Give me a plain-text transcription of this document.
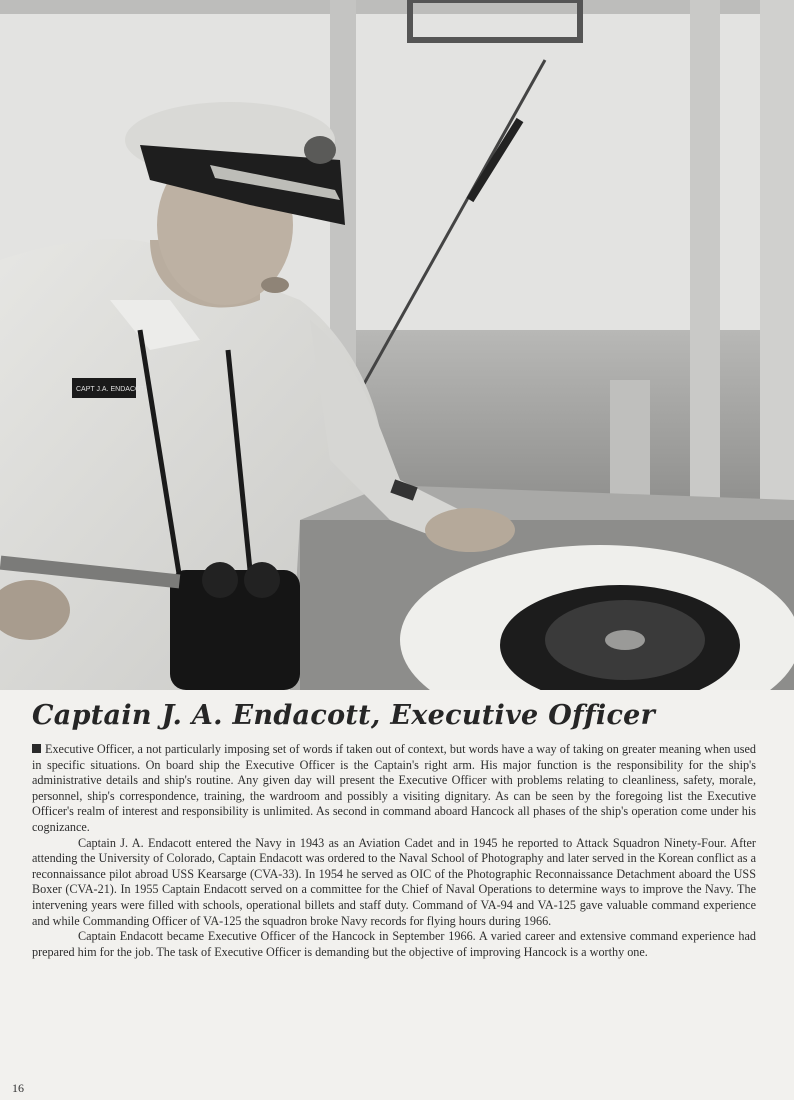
CAPT J.A. ENDACOTT
Captain J. A. Endacott, Executive Officer

Executive Officer, a not particularly imposing set of words if taken out of context, but words have a way of taking on greater meaning when used in specific situations. On board ship the Executive Officer is the Captain's right arm. His major function is the responsibility for the ship's administrative details and ship's routine. Any given day will present the Executive Officer with problems relating to cleanliness, safety, morale, personnel, ship's correspondence, training, the wardroom and possibly a visiting dignitary. As can be seen by the foregoing list the Executive Officer's realm of interest and responsibility is unlimited. As second in command aboard Hancock all phases of the ship's operation come under his cognizance.

Captain J. A. Endacott entered the Navy in 1943 as an Aviation Cadet and in 1945 he reported to Attack Squadron Ninety-Four. After attending the University of Colorado, Captain Endacott was ordered to the Naval School of Photography and later served in the Korean conflict as a reconnaissance pilot abroad USS Kearsarge (CVA-33). In 1954 he served as OIC of the Photographic Reconnaissance Detachment aboard the USS Boxer (CVA-21). In 1955 Captain Endacott served on a committee for the Chief of Naval Operations to determine ways to improve the Navy. The intervening years were filled with schools, operational billets and staff duty. Command of VA-94 and VA-125 gave valuable command experience and while Commanding Officer of VA-125 the squadron broke Navy records for flying hours during 1966.

Captain Endacott became Executive Officer of the Hancock in September 1966. A varied career and extensive command experience had prepared him for the job. The task of Executive Officer is demanding but the objective of improving Hancock is a worthy one.

16
